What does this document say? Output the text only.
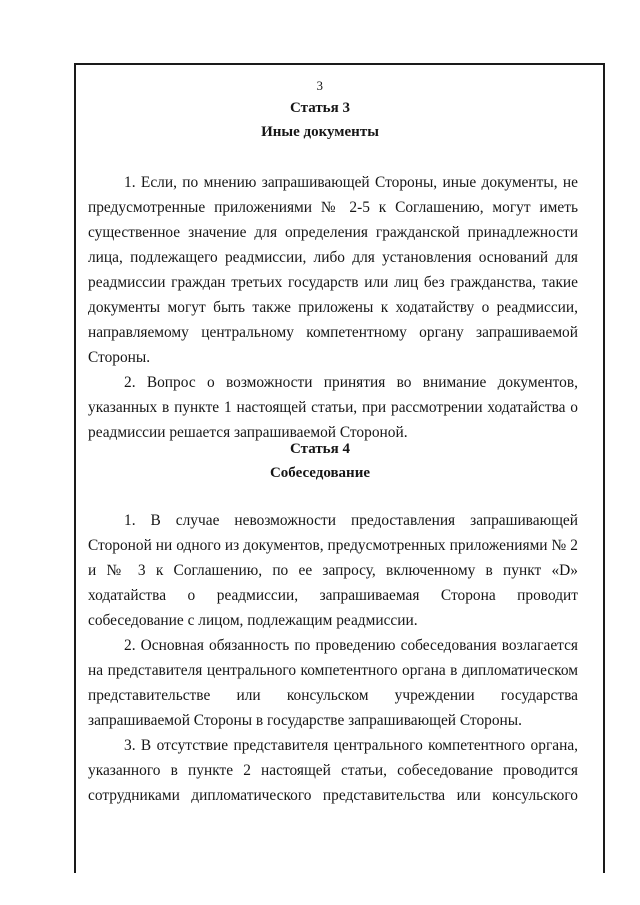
3
Статья 3
Иные документы

1. Если, по мнению запрашивающей Стороны, иные документы, не предусмотренные приложениями № 2-5 к Соглашению, могут иметь существенное значение для определения гражданской принадлежности лица, подлежащего реадмиссии, либо для установления оснований для реадмиссии граждан третьих государств или лиц без гражданства, такие документы могут быть также приложены к ходатайству о реадмиссии, направляемому центральному компетентному органу запрашиваемой Стороны.

2. Вопрос о возможности принятия во внимание документов, указанных в пункте 1 настоящей статьи, при рассмотрении ходатайства о реадмиссии решается запрашиваемой Стороной.

Статья 4
Собеседование

1. В случае невозможности предоставления запрашивающей Стороной ни одного из документов, предусмотренных приложениями № 2 и № 3 к Соглашению, по ее запросу, включенному в пункт «D» ходатайства о реадмиссии, запрашиваемая Сторона проводит собеседование с лицом, подлежащим реадмиссии.

2. Основная обязанность по проведению собеседования возлагается на представителя центрального компетентного органа в дипломатическом представительстве или консульском учреждении государства запрашиваемой Стороны в государстве запрашивающей Стороны.

3. В отсутствие представителя центрального компетентного органа, указанного в пункте 2 настоящей статьи, собеседование проводится сотрудниками дипломатического представительства или консульского
